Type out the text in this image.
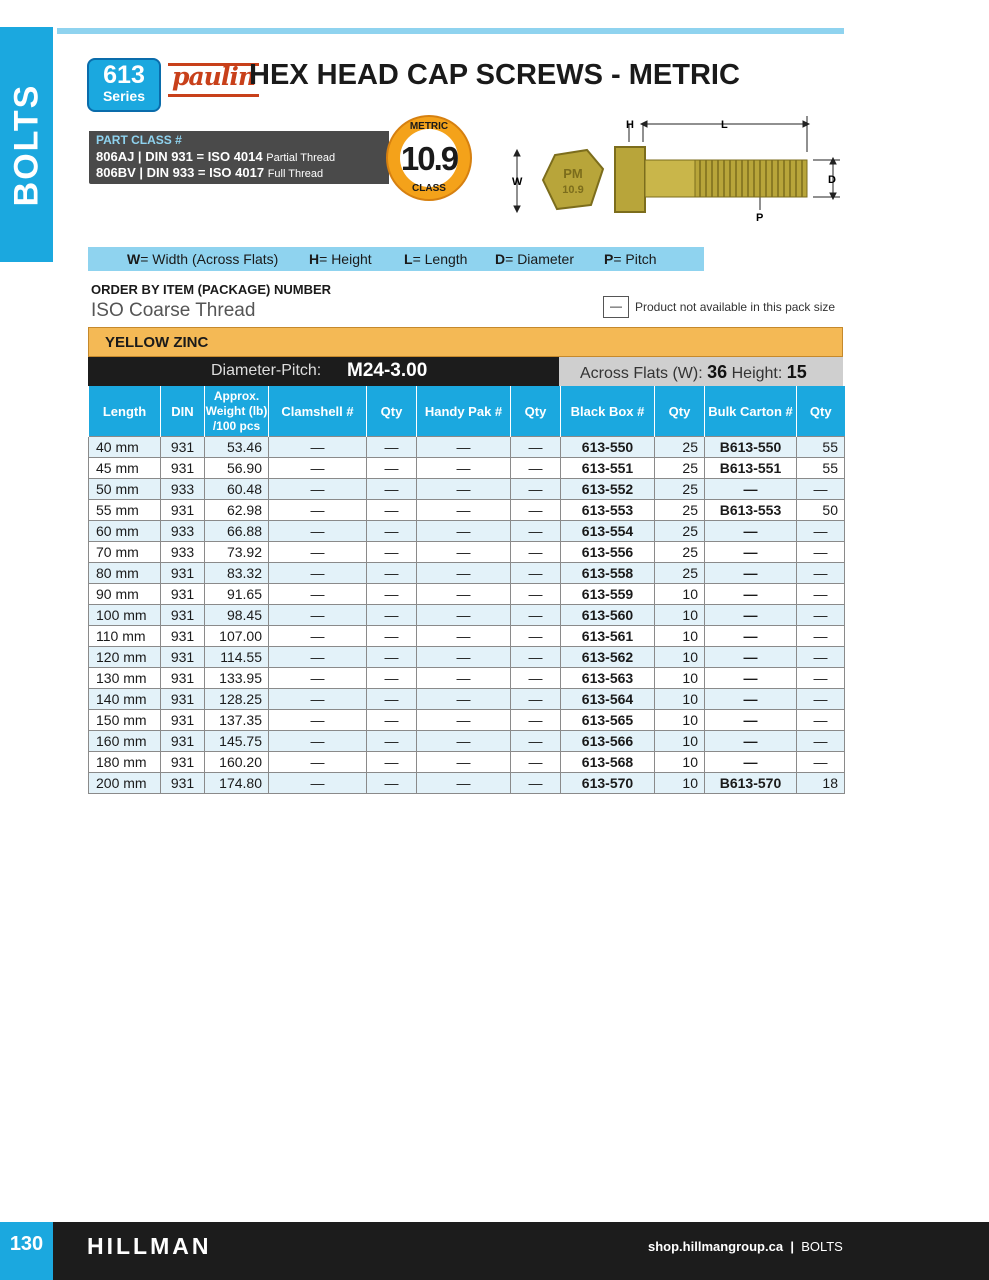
BOLTS
613
Series
paulin
HEX HEAD CAP SCREWS - METRIC
PART CLASS #
806AJ | DIN 931 = ISO 4014 Partial Thread
806BV | DIN 933 = ISO 4017 Full Thread
METRIC
10.9
CLASS
PM
10.9
W
H	L
D
P
W= Width (Across Flats) H= Height L= Length D= Diameter P= Pitch
ORDER BY ITEM (PACKAGE) NUMBER
ISO Coarse Thread	—	Product not available in this pack size
YELLOW ZINC
Diameter-Pitch: M24-3.00	Across Flats (W): 36 Height: 15
Length	DIN	Approx. Weight (lb) /100 pcs	Clamshell #	Qty	Handy Pak #	Qty	Black Box #	Qty	Bulk Carton #	Qty
40 mm	931	53.46	—	—	—	—	613-550	25	B613-550	55
45 mm	931	56.90	—	—	—	—	613-551	25	B613-551	55
50 mm	933	60.48	—	—	—	—	613-552	25	—	—
55 mm	931	62.98	—	—	—	—	613-553	25	B613-553	50
60 mm	933	66.88	—	—	—	—	613-554	25	—	—
70 mm	933	73.92	—	—	—	—	613-556	25	—	—
80 mm	931	83.32	—	—	—	—	613-558	25	—	—
90 mm	931	91.65	—	—	—	—	613-559	10	—	—
100 mm	931	98.45	—	—	—	—	613-560	10	—	—
110 mm	931	107.00	—	—	—	—	613-561	10	—	—
120 mm	931	114.55	—	—	—	—	613-562	10	—	—
130 mm	931	133.95	—	—	—	—	613-563	10	—	—
140 mm	931	128.25	—	—	—	—	613-564	10	—	—
150 mm	931	137.35	—	—	—	—	613-565	10	—	—
160 mm	931	145.75	—	—	—	—	613-566	10	—	—
180 mm	931	160.20	—	—	—	—	613-568	10	—	—
200 mm	931	174.80	—	—	—	—	613-570	10	B613-570	18
130	HILLMAN	shop.hillmangroup.ca | BOLTS
